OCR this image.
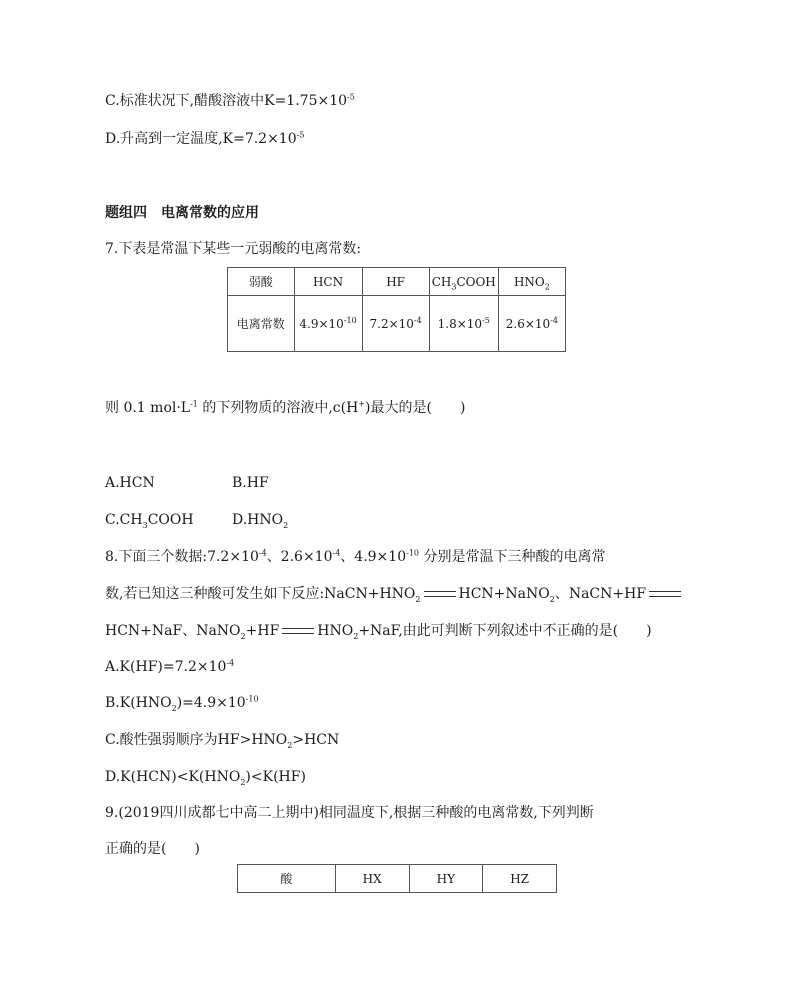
C.标准状况下,醋酸溶液中$K=1.75\times 10^{-5}$
D.升高到一定温度$,K=7.2\times 10^{-5}$
题组四　电离常数的应用
7.下表是常温下某些一元弱酸的电离常数:
弱酸	HCN	HF	$CH_3COOH$	$HNO_2$
电离常数	$4.9\times 10^{-10}$	$7.2\times 10^{-4}$	$1.8\times 10^{-5}$	$2.6\times 10^{-4}$
则 0.1 $mol\cdot L^{-1}$ 的下列物质的溶液中,c(H+)最大的是( )
A.HCN	B.HF
$C.CH_3COOH$	$D.HNO_2$
8.下面三个数据$:7.2\times 10^{-4}$、$2.6\times 10^{-4}$、$4.9\times 10^{-10}$ 分别是常温下三种酸的电离常
数,若已知这三种酸可发生如下反应$:NaCN+HNO_2$	HCN+NaNO$_2$、NaCN+HF
HCN+NaF、NaNO$_2$+HF	$HNO_2+NaF$,由此可判断下列叙述中不正确的是( )
$A.K(HF)=7.2\times 10^{-4}$
$B.K(HNO_2)=4.9\times 10^{-10}$
C.酸性强弱顺序为$HF>HNO_2>HCN$
$D.K(HCN)<K(HNO_2)<K(HF)$
9.(2019四川成都七中高二上期中)相同温度下,根据三种酸的电离常数,下列判断
正确的是( )
酸	HX	HY	HZ
